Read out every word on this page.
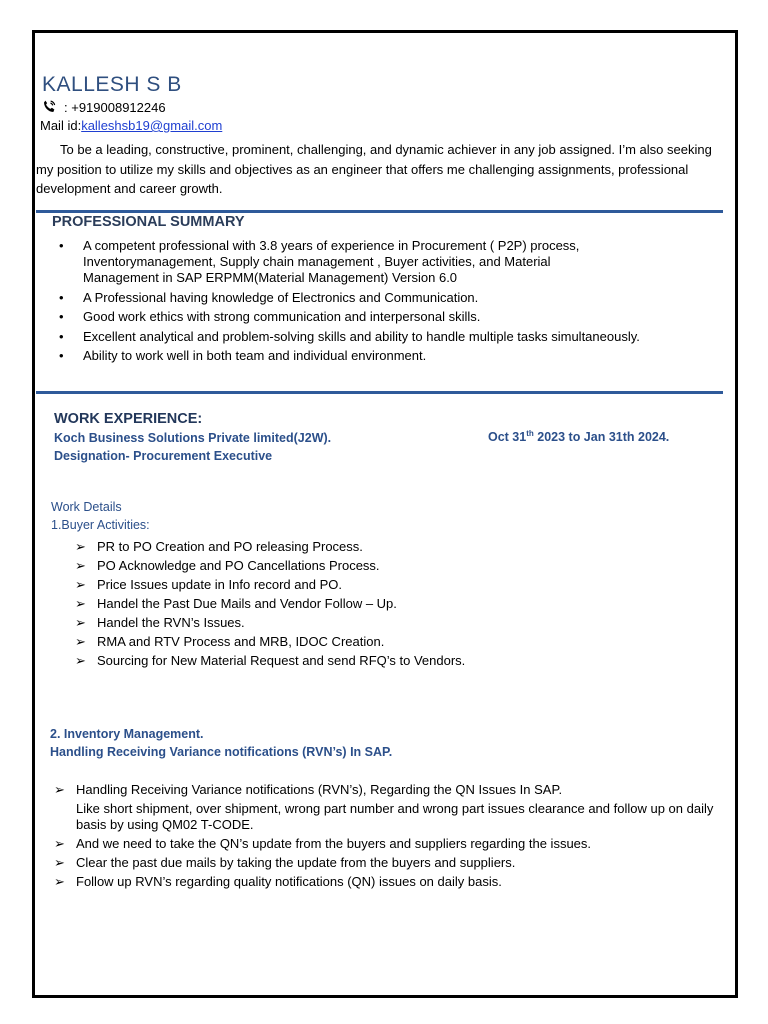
KALLESH S B
: +919008912246
Mail id:kalleshsb19@gmail.com
To be a leading, constructive, prominent, challenging, and dynamic achiever in any job assigned. I’m also seeking my position to utilize my skills and objectives as an engineer that offers me challenging assignments, professional development and career growth.
PROFESSIONAL SUMMARY
• A competent professional with 3.8 years of experience in Procurement ( P2P) process, Inventorymanagement, Supply chain management , Buyer activities, and Material Management in SAP ERPMM(Material Management) Version 6.0
• A Professional having knowledge of Electronics and Communication.
• Good work ethics with strong communication and interpersonal skills.
• Excellent analytical and problem-solving skills and ability to handle multiple tasks simultaneously.
• Ability to work well in both team and individual environment.
WORK EXPERIENCE:
Koch Business Solutions Private limited(J2W).	Oct 31th 2023 to Jan 31th 2024.
Designation- Procurement Executive
Work Details
1.Buyer Activities:
➢ PR to PO Creation and PO releasing Process.
➢ PO Acknowledge and PO Cancellations Process.
➢ Price Issues update in Info record and PO.
➢ Handel the Past Due Mails and Vendor Follow – Up.
➢ Handel the RVN’s Issues.
➢ RMA and RTV Process and MRB, IDOC Creation.
➢ Sourcing for New Material Request and send RFQ’s to Vendors.
2. Inventory Management.
Handling Receiving Variance notifications (RVN’s) In SAP.
➢ Handling Receiving Variance notifications (RVN’s), Regarding the QN Issues In SAP.
Like short shipment, over shipment, wrong part number and wrong part issues clearance and follow up on daily basis by using QM02 T-CODE.
➢ And we need to take the QN’s update from the buyers and suppliers regarding the issues.
➢ Clear the past due mails by taking the update from the buyers and suppliers.
➢ Follow up RVN’s regarding quality notifications (QN) issues on daily basis.
